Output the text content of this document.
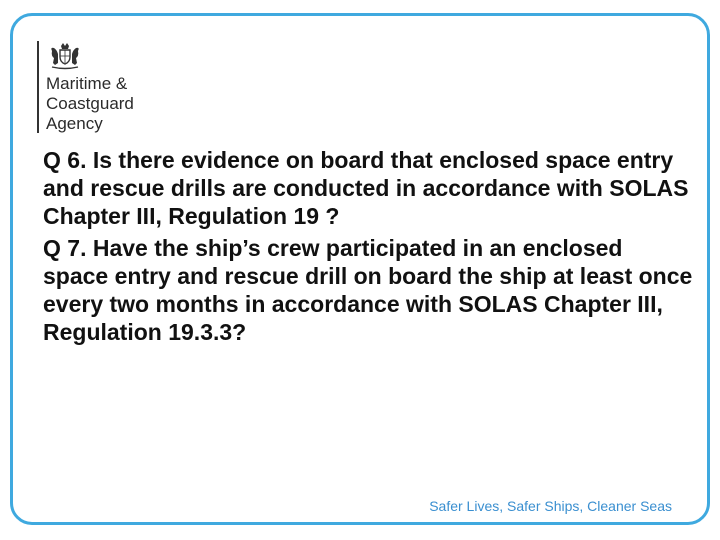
Maritime &
Coastguard
Agency

Q 6. Is there evidence on board that enclosed space entry and rescue drills are conducted in accordance with SOLAS Chapter III, Regulation 19 ?

Q 7. Have the ship’s crew participated in an enclosed space entry and rescue drill on board the ship at least once every two months in accordance with SOLAS Chapter III, Regulation 19.3.3?

Safer Lives, Safer Ships, Cleaner Seas
